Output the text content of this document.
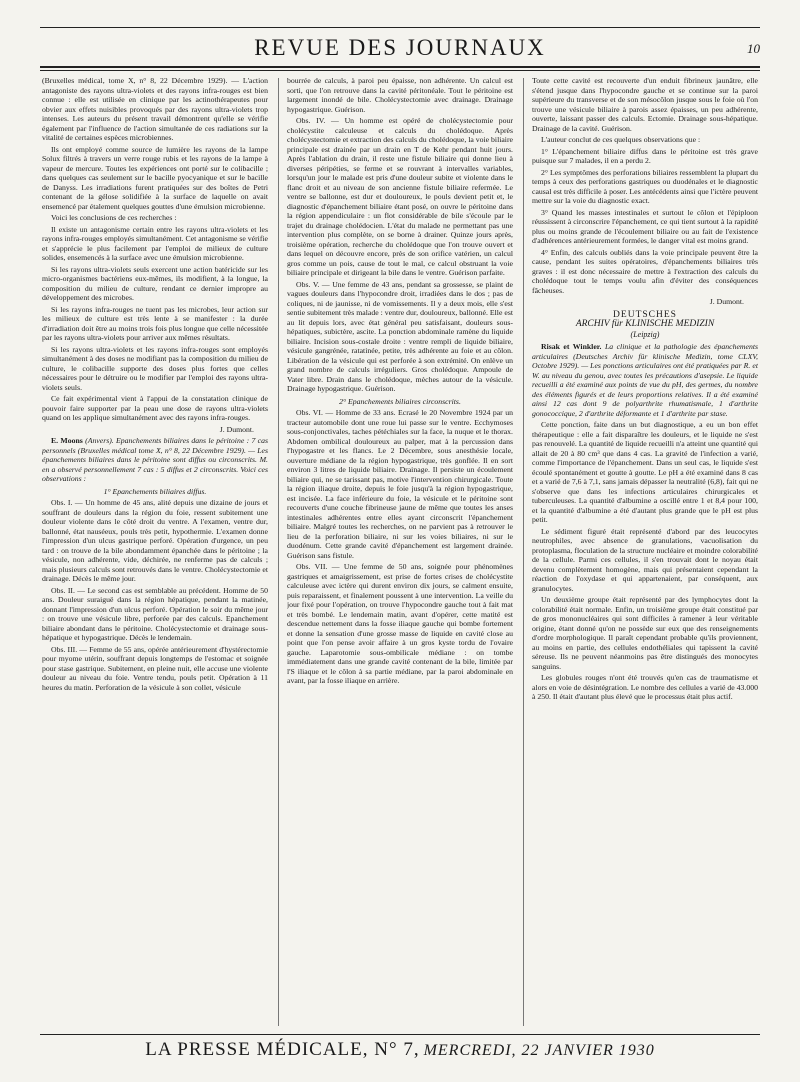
REVUE DES JOURNAUX	10

(Bruxelles médical, tome X, n° 8, 22 Décembre 1929). — L'action antagoniste des rayons ultra-violets et des rayons infra-rouges est bien connue : elle est utilisée en clinique par les actinothérapeutes pour obvier aux effets nuisibles provoqués par des rayons ultra-violets trop intenses. Les auteurs du présent travail démontrent qu'elle se vérifie également par l'influence de l'action simultanée de ces radiations sur la vitalité de certaines espèces microbiennes.

Ils ont employé comme source de lumière les rayons de la lampe Solux filtrés à travers un verre rouge rubis et les rayons de la lampe à vapeur de mercure. Toutes les expériences ont porté sur le colibacille ; dans quelques cas seulement sur le bacille pyocyanique et sur le bacille de Danyss. Les irradiations furent pratiquées sur des boîtes de Petri contenant de la gélose solidifiée à la surface de laquelle on avait ensemencé par étalement quelques gouttes d'une émulsion microbienne.

Voici les conclusions de ces recherches :

Il existe un antagonisme certain entre les rayons ultra-violets et les rayons infra-rouges employés simultanément. Cet antagonisme se vérifie et s'apprécie le plus facilement par l'emploi de milieux de culture solides, ensemencés à la surface avec une émulsion microbienne.

Si les rayons ultra-violets seuls exercent une action batéricide sur les micro-organismes bactériens eux-mêmes, ils modifient, à la longue, la composition du milieu de culture, rendant ce dernier impropre au développement des microbes.

Si les rayons infra-rouges ne tuent pas les microbes, leur action sur les milieux de culture est très lente à se manifester : la durée d'irradiation doit être au moins trois fois plus longue que celle nécessitée par les rayons ultra-violets pour arriver aux mêmes résultats.

Si les rayons ultra-violets et les rayons infra-rouges sont employés simultanément à des doses ne modifiant pas la composition du milieu de culture, le colibacille supporte des doses plus fortes que celles nécessaires pour le détruire ou le modifier par l'emploi des rayons ultra-violets seuls.

Ce fait expérimental vient à l'appui de la constatation clinique de pouvoir faire supporter par la peau une dose de rayons ultra-violets quand on les applique simultanément avec des rayons infra-rouges.

J. Dumont.

E. Moons (Anvers). Epanchements biliaires dans le péritoine : 7 cas personnels (Bruxelles médical tome X, n° 8, 22 Décembre 1929). — Les épanchements biliaires dans le péritoine sont diffus ou circonscrits. M. en a observé personnellement 7 cas : 5 diffus et 2 circonscrits. Voici ces observations :

1° Epanchements biliaires diffus.

Obs. I. — Un homme de 45 ans, alité depuis une dizaine de jours et souffrant de douleurs dans la région du foie, ressent subitement une douleur violente dans le côté droit du ventre. A l'examen, ventre dur, ballonné, état nauséeux, pouls très petit, hypothermie. L'examen donne l'impression d'un ulcus gastrique perforé. Opération d'urgence, un peu tard : on trouve de la bile abondamment épanchée dans le péritoine ; la vésicule, non adhérente, vide, déchirée, ne renferme pas de calculs ; mais plusieurs calculs sont retrouvés dans le ventre. Cholécystectomie et drainage. Décès le même jour.

Obs. II. — Le second cas est semblable au précédent. Homme de 50 ans. Douleur suraiguë dans la région hépatique, pendant la matinée, donnant l'impression d'un ulcus perforé. Opération le soir du même jour : on trouve une vésicule libre, perforée par des calculs. Epanchement biliaire abondant dans le péritoine. Cholécystectomie et drainage sous-hépatique et hypogastrique. Décès le lendemain.

Obs. III. — Femme de 55 ans, opérée antérieurement d'hystérectomie pour myome utérin, souffrant depuis longtemps de l'estomac et soignée pour stase gastrique. Subitement, en pleine nuit, elle accuse une violente douleur au niveau du foie. Ventre tendu, pouls petit. Opération à 11 heures du matin. Perforation de la vésicule à son collet, vésicule

bourrée de calculs, à paroi peu épaisse, non adhérente. Un calcul est sorti, que l'on retrouve dans la cavité péritonéale. Tout le péritoine est largement inondé de bile. Cholécystectomie avec drainage. Drainage hypogastrique. Guérison.

Obs. IV. — Un homme est opéré de cholécystectomie pour cholécystite calculeuse et calculs du cholédoque. Après cholécystectomie et extraction des calculs du cholédoque, la voie biliaire principale est drainée par un drain en T de Kehr pendant huit jours. Après l'ablation du drain, il reste une fistule biliaire qui donne lieu à diverses péripéties, se ferme et se rouvrant à intervalles variables, lorsqu'un jour le malade est pris d'une douleur subite et violente dans le flanc droit et au niveau de son ancienne fistule biliaire refermée. Le ventre se ballonne, est dur et douloureux, le pouls devient petit et, le diagnostic d'épanchement biliaire étant posé, on ouvre le péritoine dans la région appendiculaire : un flot considérable de bile s'écoule par le trajet du drainage cholédocien. L'état du malade ne permettant pas une intervention plus complète, on se borne à drainer. Quinze jours après, troisième opération, recherche du cholédoque que l'on trouve ouvert et dans lequel on découvre encore, près de son orifice vatérien, un calcul gros comme un pois, cause de tout le mal, ce calcul obstruant la voie biliaire principale et dirigeant la bile dans le ventre. Guérison parfaite.

Obs. V. — Une femme de 43 ans, pendant sa grossesse, se plaint de vagues douleurs dans l'hypocondre droit, irradiées dans le dos ; pas de coliques, ni de jaunisse, ni de vomissements. Il y a deux mois, elle s'est sentie subitement très malade : ventre dur, douloureux, ballonné. Elle est au lit depuis lors, avec état général peu satisfaisant, douleurs sous-hépatiques, subictère, ascite. La ponction abdominale ramène du liquide biliaire. Incision sous-costale droite : ventre rempli de liquide biliaire, vésicule gangrénée, ratatinée, petite, très adhérente au foie et au côlon. Libération de la vésicule qui est perforée à son extrémité. On enlève un grand nombre de calculs irréguliers. Gros cholédoque. Ampoule de Vater libre. Drain dans le cholédoque, mèches autour de la vésicule. Drainage hypogastrique. Guérison.

2° Epanchements biliaires circonscrits.

Obs. VI. — Homme de 33 ans. Ecrasé le 20 Novembre 1924 par un tracteur automobile dont une roue lui passe sur le ventre. Ecchymoses sous-conjonctivales, taches pétéchiales sur la face, la nuque et le thorax. Abdomen ombilical douloureux au palper, mat à la percussion dans l'hypogastre et les flancs. Le 2 Décembre, sous anesthésie locale, ouverture médiane de la région hypogastrique, très gonflée. Il en sort environ 3 litres de liquide biliaire. Drainage. Il persiste un écoulement biliaire qui, ne se tarissant pas, motive l'intervention chirurgicale. Toute la région iliaque droite, depuis le foie jusqu'à la région hypogastrique, est incisée. La face inférieure du foie, la vésicule et le péritoine sont recouverts d'une couche fibrineuse jaune de même que toutes les anses intestinales adhérentes entre elles ayant circonscrit l'épanchement biliaire. Malgré toutes les recherches, on ne parvient pas à retrouver le lieu de la perforation biliaire, ni sur les voies biliaires, ni sur le duodénum. Cette grande cavité d'épanchement est largement drainée. Guérison sans fistule.

Obs. VII. — Une femme de 50 ans, soignée pour phénomènes gastriques et amaigrissement, est prise de fortes crises de cholécystite calculeuse avec ictère qui durent environ dix jours, se calment ensuite, puis reparaissent, et finalement poussent à une intervention. La veille du jour fixé pour l'opération, on trouve l'hypocondre gauche tout à fait mat et très bombé. Le lendemain matin, avant d'opérer, cette matité est descendue nettement dans la fosse iliaque gauche qui bombe fortement et donne la sensation d'une grosse masse de liquide en cavité close au point que l'on pense avoir affaire à un gros kyste tordu de l'ovaire gauche. Laparotomie sous-ombilicale médiane : on tombe immédiatement dans une grande cavité contenant de la bile, limitée par l'S iliaque et le côlon à sa partie médiane, par la paroi abdominale en avant, par la fosse iliaque en arrière.

Toute cette cavité est recouverte d'un enduit fibrineux jaunâtre, elle s'étend jusque dans l'hypocondre gauche et se continue sur la paroi supérieure du transverse et de son mésocôlon jusque sous le foie où l'on trouve une vésicule biliaire à parois assez épaisses, un peu adhérente, ouverte, laissant passer des calculs. Ectomie. Drainage sous-hépatique. Drainage de la cavité. Guérison.

L'auteur conclut de ces quelques observations que :

1° L'épanchement biliaire diffus dans le péritoine est très grave puisque sur 7 malades, il en a perdu 2.

2° Les symptômes des perforations biliaires ressemblent la plupart du temps à ceux des perforations gastriques ou duodénales et le diagnostic causal est très difficile à poser. Les antécédents ainsi que l'ictère peuvent mettre sur la voie du diagnostic exact.

3° Quand les masses intestinales et surtout le côlon et l'épiploon réussissent à circonscrire l'épanchement, ce qui tient surtout à la rapidité plus ou moins grande de l'écoulement biliaire ou au fait de l'existence d'adhérences antérieurement formées, le danger vital est moins grand.

4° Enfin, des calculs oubliés dans la voie principale peuvent être la cause, pendant les suites opératoires, d'épanchements biliaires très graves : il est donc nécessaire de mettre à l'extraction des calculs du cholédoque tout le temps voulu afin d'éviter des conséquences fâcheuses.

J. Dumont.

DEUTSCHES
ARCHIV für KLINISCHE MEDIZIN
(Leipzig)

Risak et Winkler. La clinique et la pathologie des épanchements articulaires (Deutsches Archiv für klinische Medizin, tome CLXV, Octobre 1929). — Les ponctions articulaires ont été pratiquées par R. et W. au niveau du genou, avec toutes les précautions d'asepsie. Le liquide recueilli a été examiné aux points de vue du pH, des germes, du nombre des éléments figurés et de leurs proportions relatives. Il a été examiné ainsi 12 cas dont 9 de polyarthrite rhumatismale, 1 d'arthrite gonococcique, 2 d'arthrite déformante et 1 d'arthrite par stase.

Cette ponction, faite dans un but diagnostique, a eu un bon effet thérapeutique : elle a fait disparaître les douleurs, et le liquide ne s'est pas renouvelé. La quantité de liquide recueilli n'a atteint une quantité qui allait de 20 à 80 cm³ que dans 4 cas. La gravité de l'infection a varié, comme l'importance de l'épanchement. Dans un seul cas, le liquide s'est écoulé spontanément et goutte à goutte. Le pH a été examiné dans 8 cas et a varié de 7,6 à 7,1, sans jamais dépasser la neutralité (6,8), fait qui ne s'observe que dans les infections articulaires chirurgicales et tuberculeuses. La quantité d'albumine a oscillé entre 1 et 8,4 pour 100, et la quantité d'albumine a été d'autant plus grande que le pH est plus petit.

Le sédiment figuré était représenté d'abord par des leucocytes neutrophiles, avec absence de granulations, vacuolisation du protoplasma, floculation de la structure nucléaire et moindre colorabilité de la cellule. Parmi ces cellules, il s'en trouvait dont le noyau était devenu complètement homogène, mais qui présentaient cependant la réaction de l'oxydase et qui appartenaient, par conséquent, aux granulocytes.

Un deuxième groupe était représenté par des lymphocytes dont la colorabilité était normale. Enfin, un troisième groupe était constitué par de gros mononucléaires qui sont difficiles à ramener à leur véritable origine, étant donné qu'on ne possède sur eux que des renseignements d'ordre morphologique. Il paraît cependant probable qu'ils proviennent, au moins en partie, des cellules endothéliales qui tapissent la cavité séreuse. Ils ne peuvent néanmoins pas être distingués des monocytes sanguins.

Les globules rouges n'ont été trouvés qu'en cas de traumatisme et alors en voie de désintégration. Le nombre des cellules a varié de 43.000 à 250. Il était d'autant plus élevé que le processus était plus actif.

LA PRESSE MÉDICALE, N° 7, MERCREDI, 22 JANVIER 1930
